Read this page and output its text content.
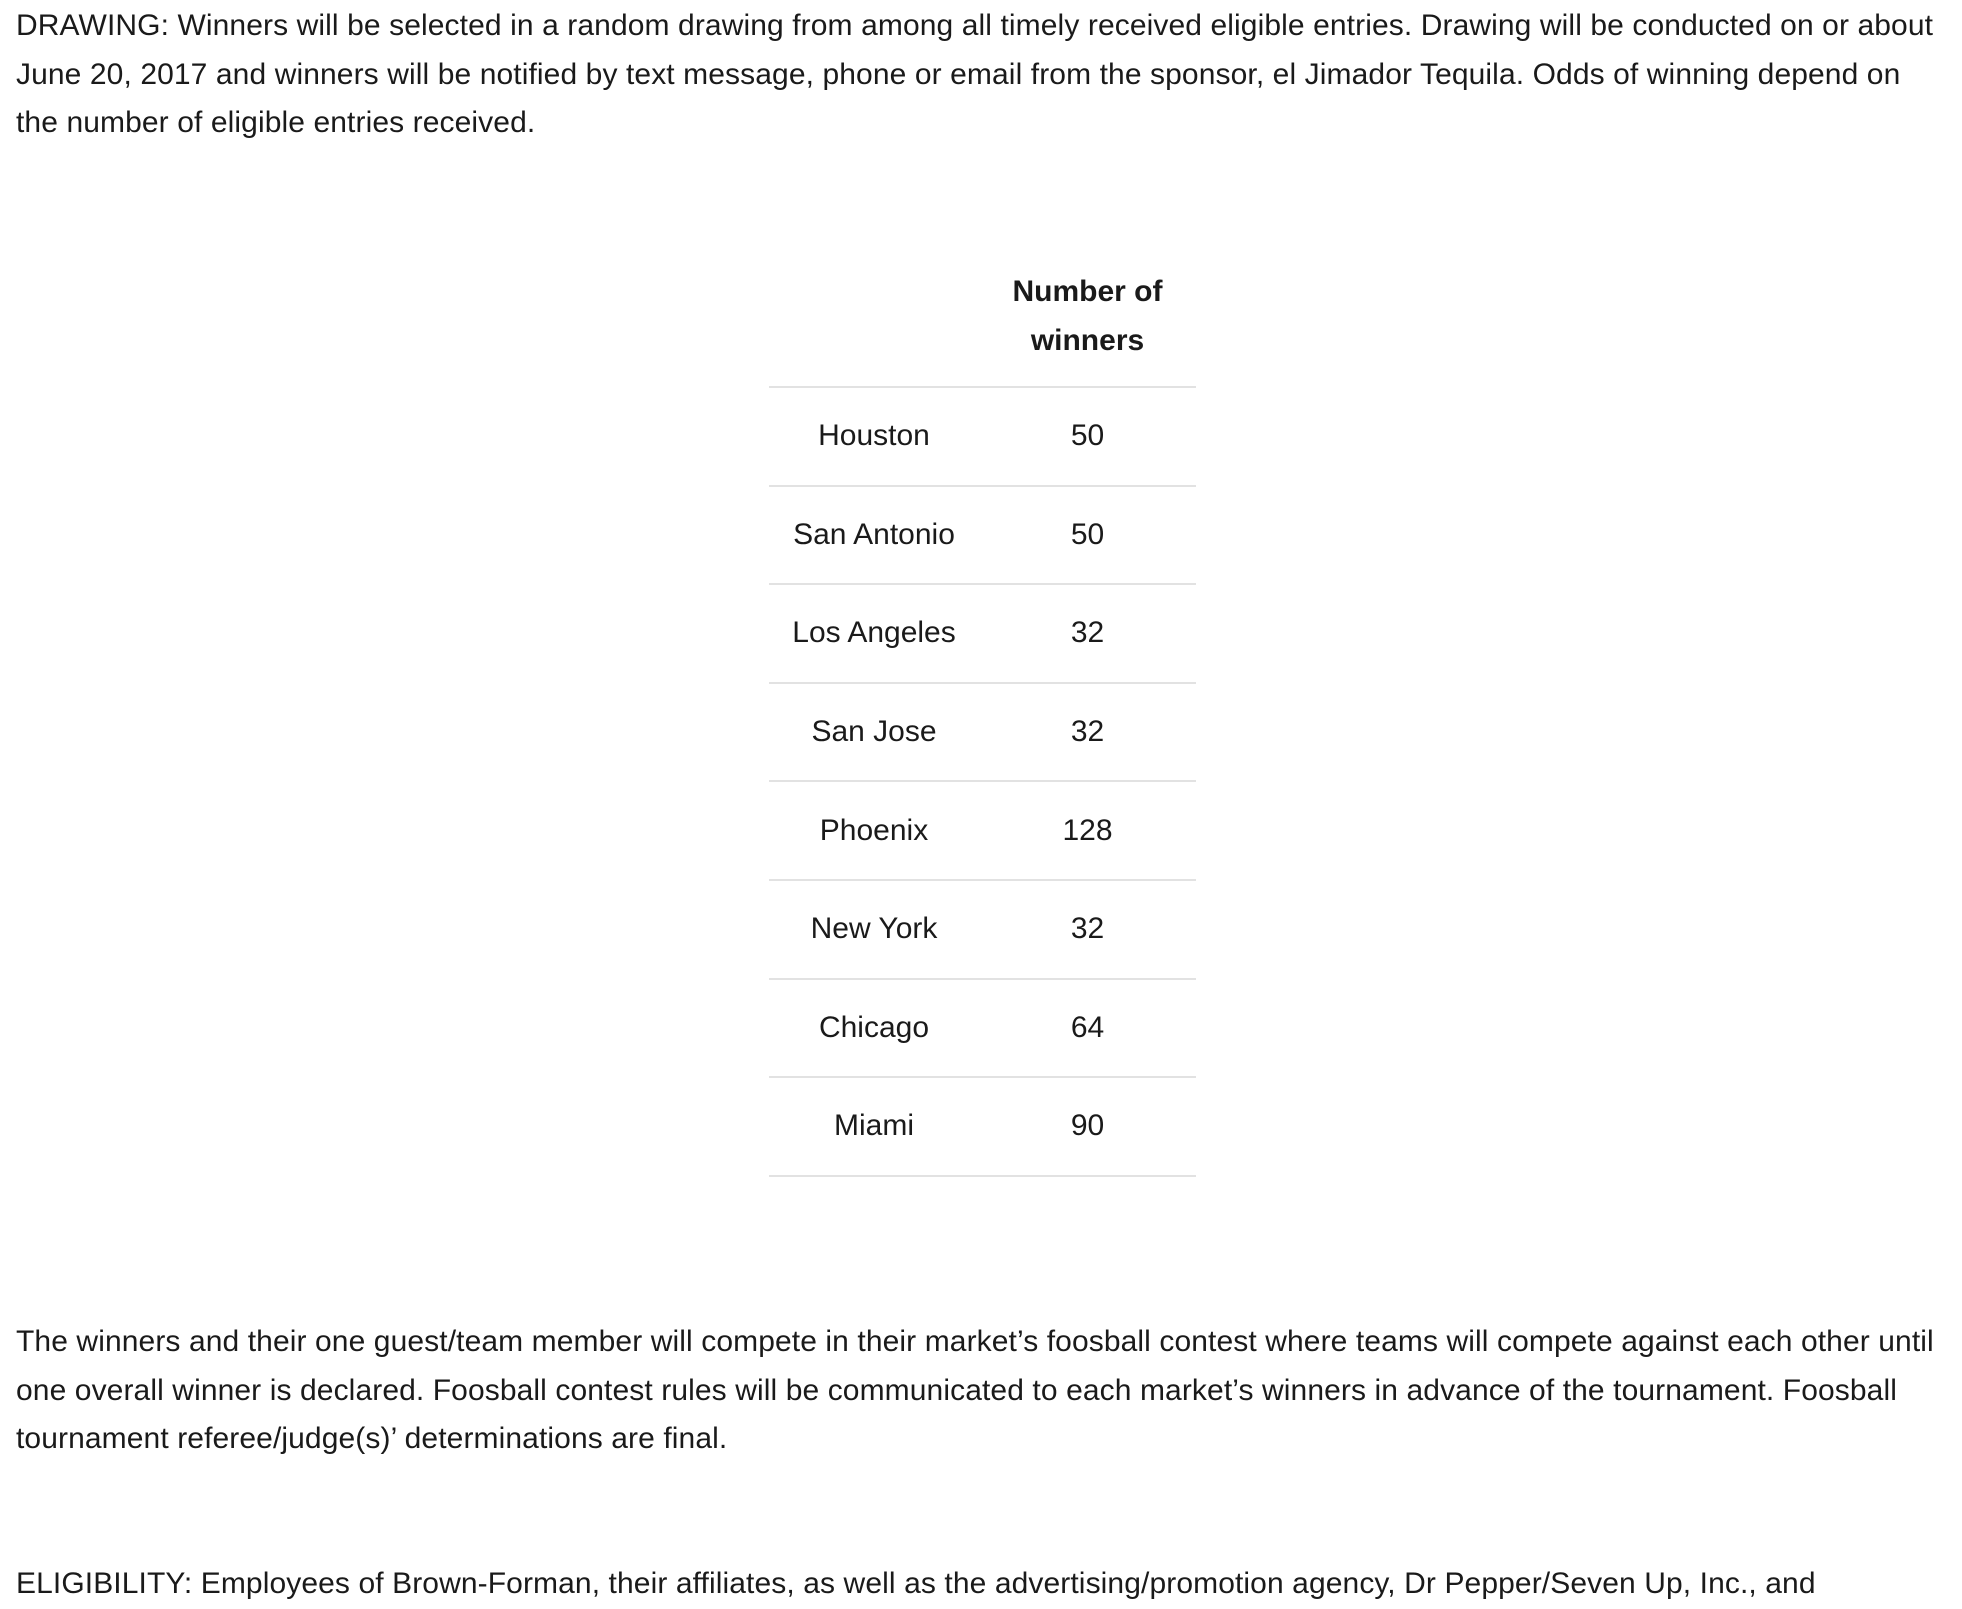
DRAWING: Winners will be selected in a random drawing from among all timely received eligible entries. Drawing will be conducted on or about June 20, 2017 and winners will be notified by text message, phone or email from the sponsor, el Jimador Tequila. Odds of winning depend on the number of eligible entries received.

	Number of winners
Houston	50
San Antonio	50
Los Angeles	32
San Jose	32
Phoenix	128
New York	32
Chicago	64
Miami	90

The winners and their one guest/team member will compete in their market’s foosball contest where teams will compete against each other until one overall winner is declared. Foosball contest rules will be communicated to each market’s winners in advance of the tournament. Foosball tournament referee/judge(s)’ determinations are final.

ELIGIBILITY: Employees of Brown-Forman, their affiliates, as well as the advertising/promotion agency, Dr Pepper/Seven Up, Inc., and
